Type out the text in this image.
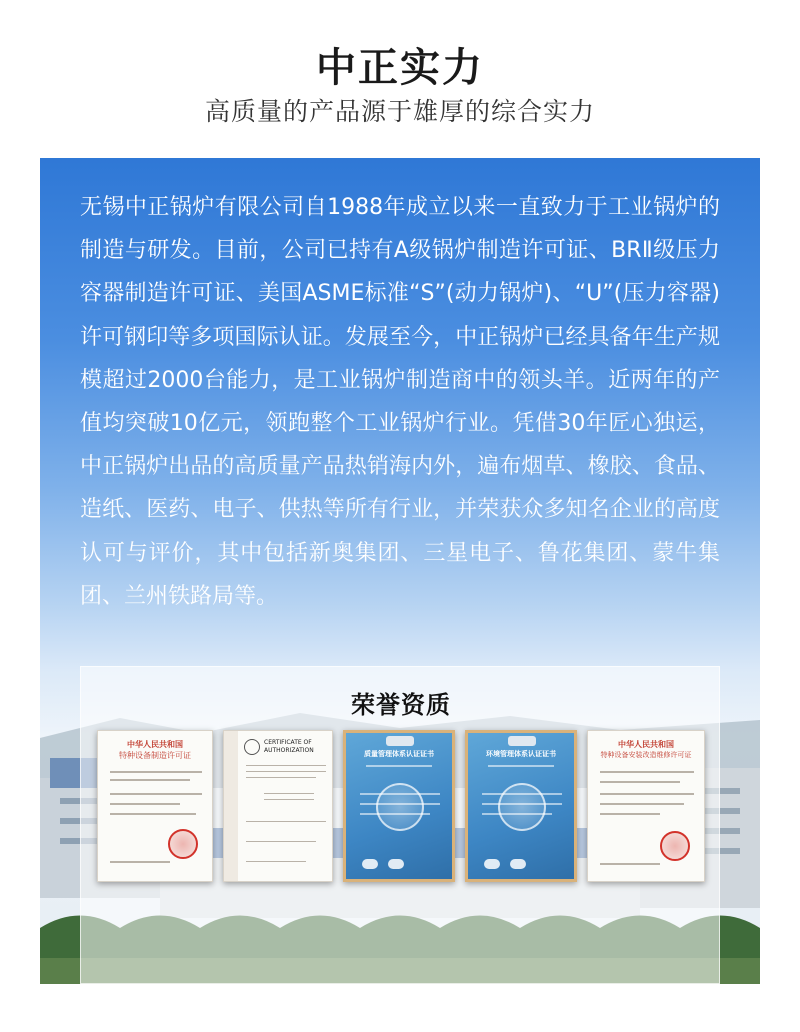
中正实力
高质量的产品源于雄厚的综合实力
无锡中正锅炉有限公司自1988年成立以来一直致力于工业锅炉的制造与研发。目前，公司已持有A级锅炉制造许可证、BRⅡ级压力容器制造许可证、美国ASME标准“S”(动力锅炉)、“U”(压力容器)许可钢印等多项国际认证。发展至今，中正锅炉已经具备年生产规模超过2000台能力，是工业锅炉制造商中的领头羊。近两年的产值均突破10亿元，领跑整个工业锅炉行业。凭借30年匠心独运，中正锅炉出品的高质量产品热销海内外，遍布烟草、橡胶、食品、造纸、医药、电子、供热等所有行业，并荣获众多知名企业的高度认可与评价，其中包括新奥集团、三星电子、鲁花集团、蒙牛集团、兰州铁路局等。
荣誉资质
中华人民共和国
特种设备制造许可证
CERTIFICATE OF
AUTHORIZATION	质量管理体系认证证书	环境管理体系认证证书
中华人民共和国
特种设备安装改造维修许可证
